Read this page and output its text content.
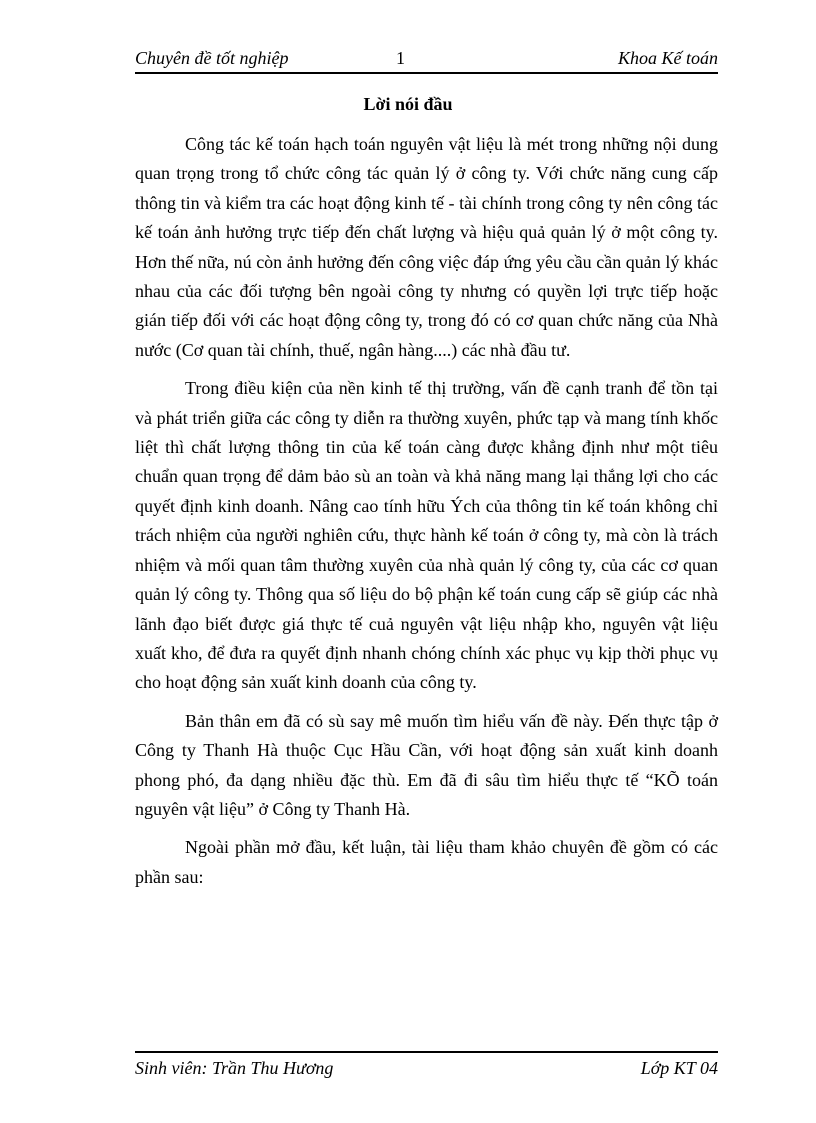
Chuyên đề tốt nghiệp	1	Khoa Kế toán
Lời nói đầu

Công tác kế toán hạch toán nguyên vật liệu là mét trong những nội dung quan trọng trong tổ chức công tác quản lý ở công ty. Với chức năng cung cấp thông tin và kiểm tra các hoạt động kinh tế - tài chính trong công ty nên công tác kế toán ảnh hưởng trực tiếp đến chất lượng và hiệu quả quản lý ở một công ty. Hơn thế nữa, nú còn ảnh hưởng đến công việc đáp ứng yêu cầu cần quản lý khác nhau của các đối tượng bên ngoài công ty nhưng có quyền lợi trực tiếp hoặc gián tiếp đối với các hoạt động công ty, trong đó có cơ quan chức năng của Nhà nước (Cơ quan tài chính, thuế, ngân hàng....) các nhà đầu tư.

Trong điều kiện của nền kinh tế thị trường, vấn đề cạnh tranh để tồn tại và phát triển giữa các công ty diễn ra thường xuyên, phức tạp và mang tính khốc liệt thì chất lượng thông tin của kế toán càng được khẳng định như một tiêu chuẩn quan trọng để dảm bảo sù an toàn và khả năng mang lại thắng lợi cho các quyết định kinh doanh. Nâng cao tính hữu Ých của thông tin kế toán không chỉ trách nhiệm của người nghiên cứu, thực hành kế toán ở công ty, mà còn là trách nhiệm và mối quan tâm thường xuyên của nhà quản lý công ty, của các cơ quan quản lý công ty. Thông qua số liệu do bộ phận kế toán cung cấp sẽ giúp các nhà lãnh đạo biết được giá thực tế cuả nguyên vật liệu nhập kho, nguyên vật liệu xuất kho, để đưa ra quyết định nhanh chóng chính xác phục vụ kịp thời phục vụ cho hoạt động sản xuất kinh doanh của công ty.

Bản thân em đã có sù say mê muốn tìm hiểu vấn đề này. Đến thực tập ở Công ty Thanh Hà thuộc Cục Hầu Cần, với hoạt động sản xuất kinh doanh phong phó, đa dạng nhiều đặc thù. Em đã đi sâu tìm hiểu thực tế “KÕ toán nguyên vật liệu” ở Công ty Thanh Hà.

Ngoài phần mở đầu, kết luận, tài liệu tham khảo chuyên đề gồm có các phần sau:

Sinh viên: Trần Thu Hương	Lớp KT 04
